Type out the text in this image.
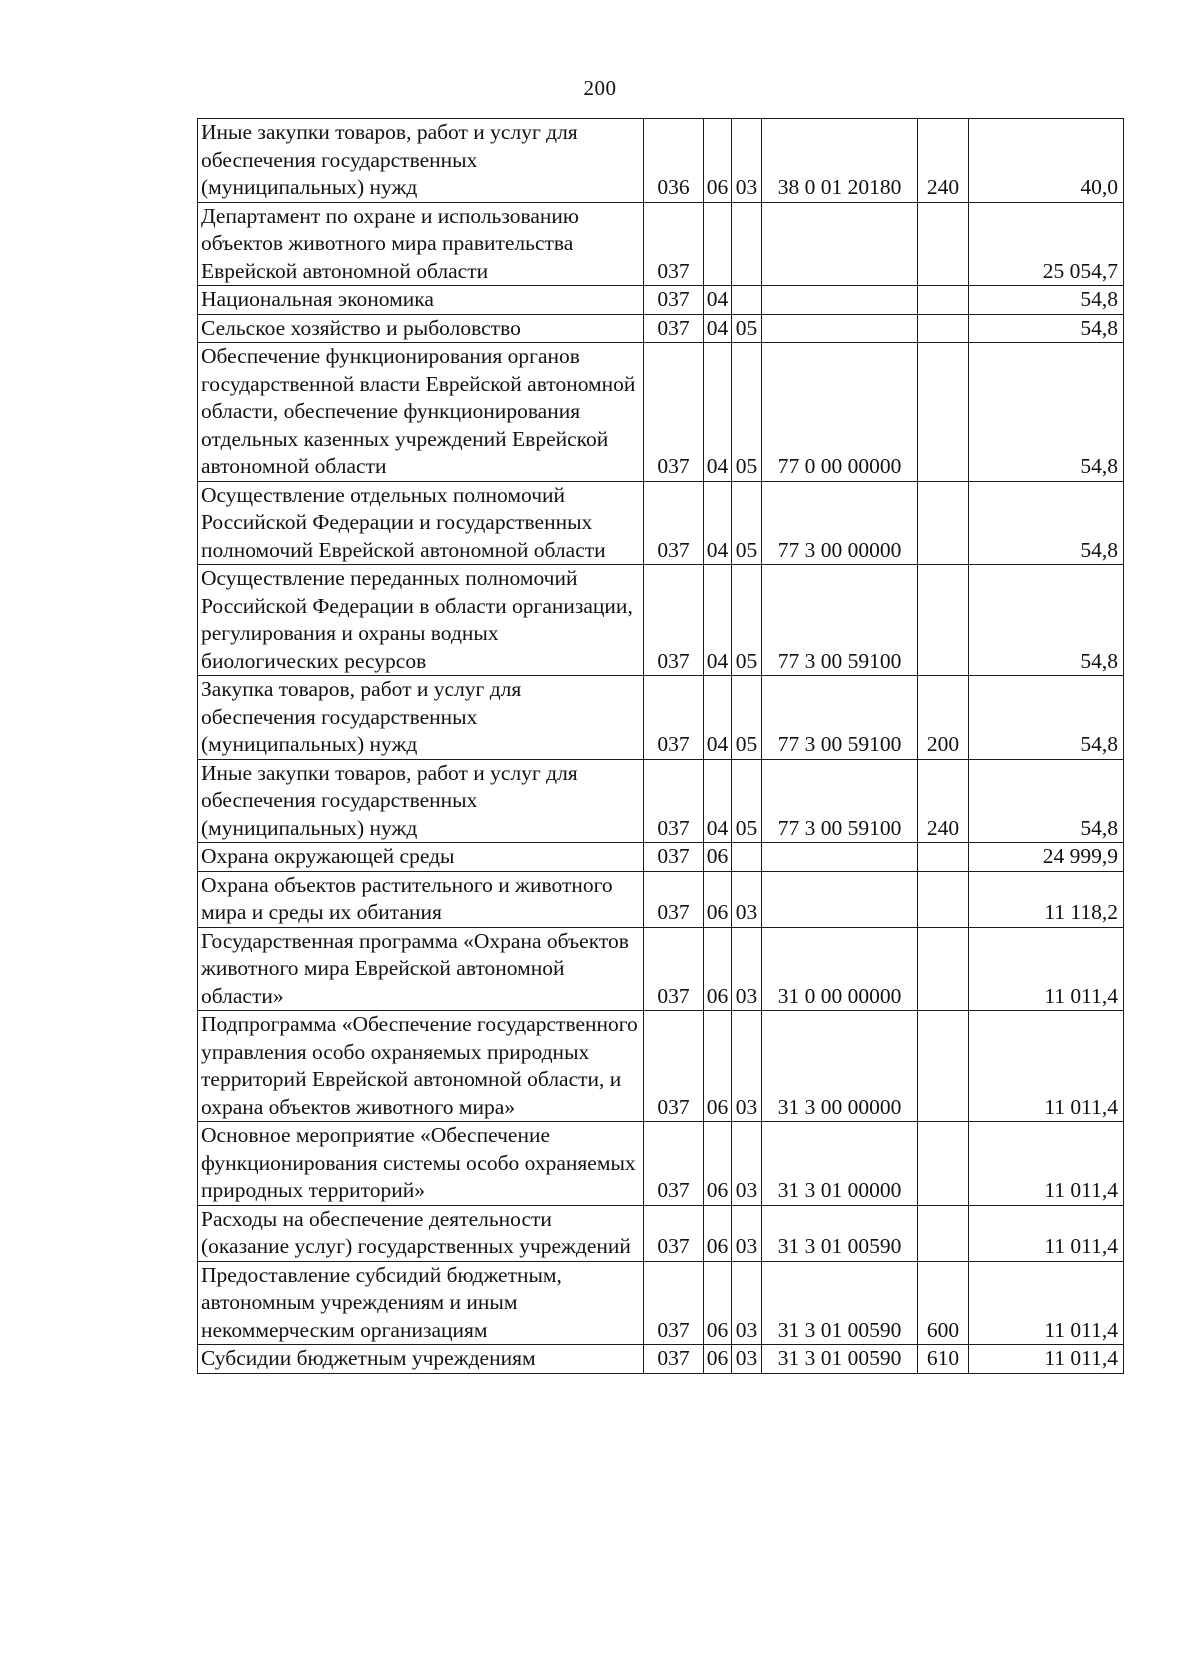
200
Иные закупки товаров, работ и услуг для обеспечения государственных (муниципальных) нужд	036	06	03	38 0 01 20180	240	40,0
Департамент по охране и использованию объектов животного мира правительства Еврейской автономной области	037					25 054,7
Национальная экономика	037	04				54,8
Сельское хозяйство и рыболовство	037	04	05			54,8
Обеспечение функционирования органов государственной власти Еврейской автономной области, обеспечение функционирования отдельных казенных учреждений Еврейской автономной области	037	04	05	77 0 00 00000		54,8
Осуществление отдельных полномочий Российской Федерации и государственных полномочий Еврейской автономной области	037	04	05	77 3 00 00000		54,8
Осуществление переданных полномочий Российской Федерации в области организации, регулирования и охраны водных биологических ресурсов	037	04	05	77 3 00 59100		54,8
Закупка товаров, работ и услуг для обеспечения государственных (муниципальных) нужд	037	04	05	77 3 00 59100	200	54,8
Иные закупки товаров, работ и услуг для обеспечения государственных (муниципальных) нужд	037	04	05	77 3 00 59100	240	54,8
Охрана окружающей среды	037	06				24 999,9
Охрана объектов растительного и животного мира и среды их обитания	037	06	03			11 118,2
Государственная программа «Охрана объектов животного мира Еврейской автономной области»	037	06	03	31 0 00 00000		11 011,4
Подпрограмма «Обеспечение государственного управления особо охраняемых природных территорий Еврейской автономной области, и охрана объектов животного мира»	037	06	03	31 3 00 00000		11 011,4
Основное мероприятие «Обеспечение функционирования системы особо охраняемых природных территорий»	037	06	03	31 3 01 00000		11 011,4
Расходы на обеспечение деятельности (оказание услуг) государственных учреждений	037	06	03	31 3 01 00590		11 011,4
Предоставление субсидий бюджетным, автономным учреждениям и иным некоммерческим организациям	037	06	03	31 3 01 00590	600	11 011,4
Субсидии бюджетным учреждениям	037	06	03	31 3 01 00590	610	11 011,4
